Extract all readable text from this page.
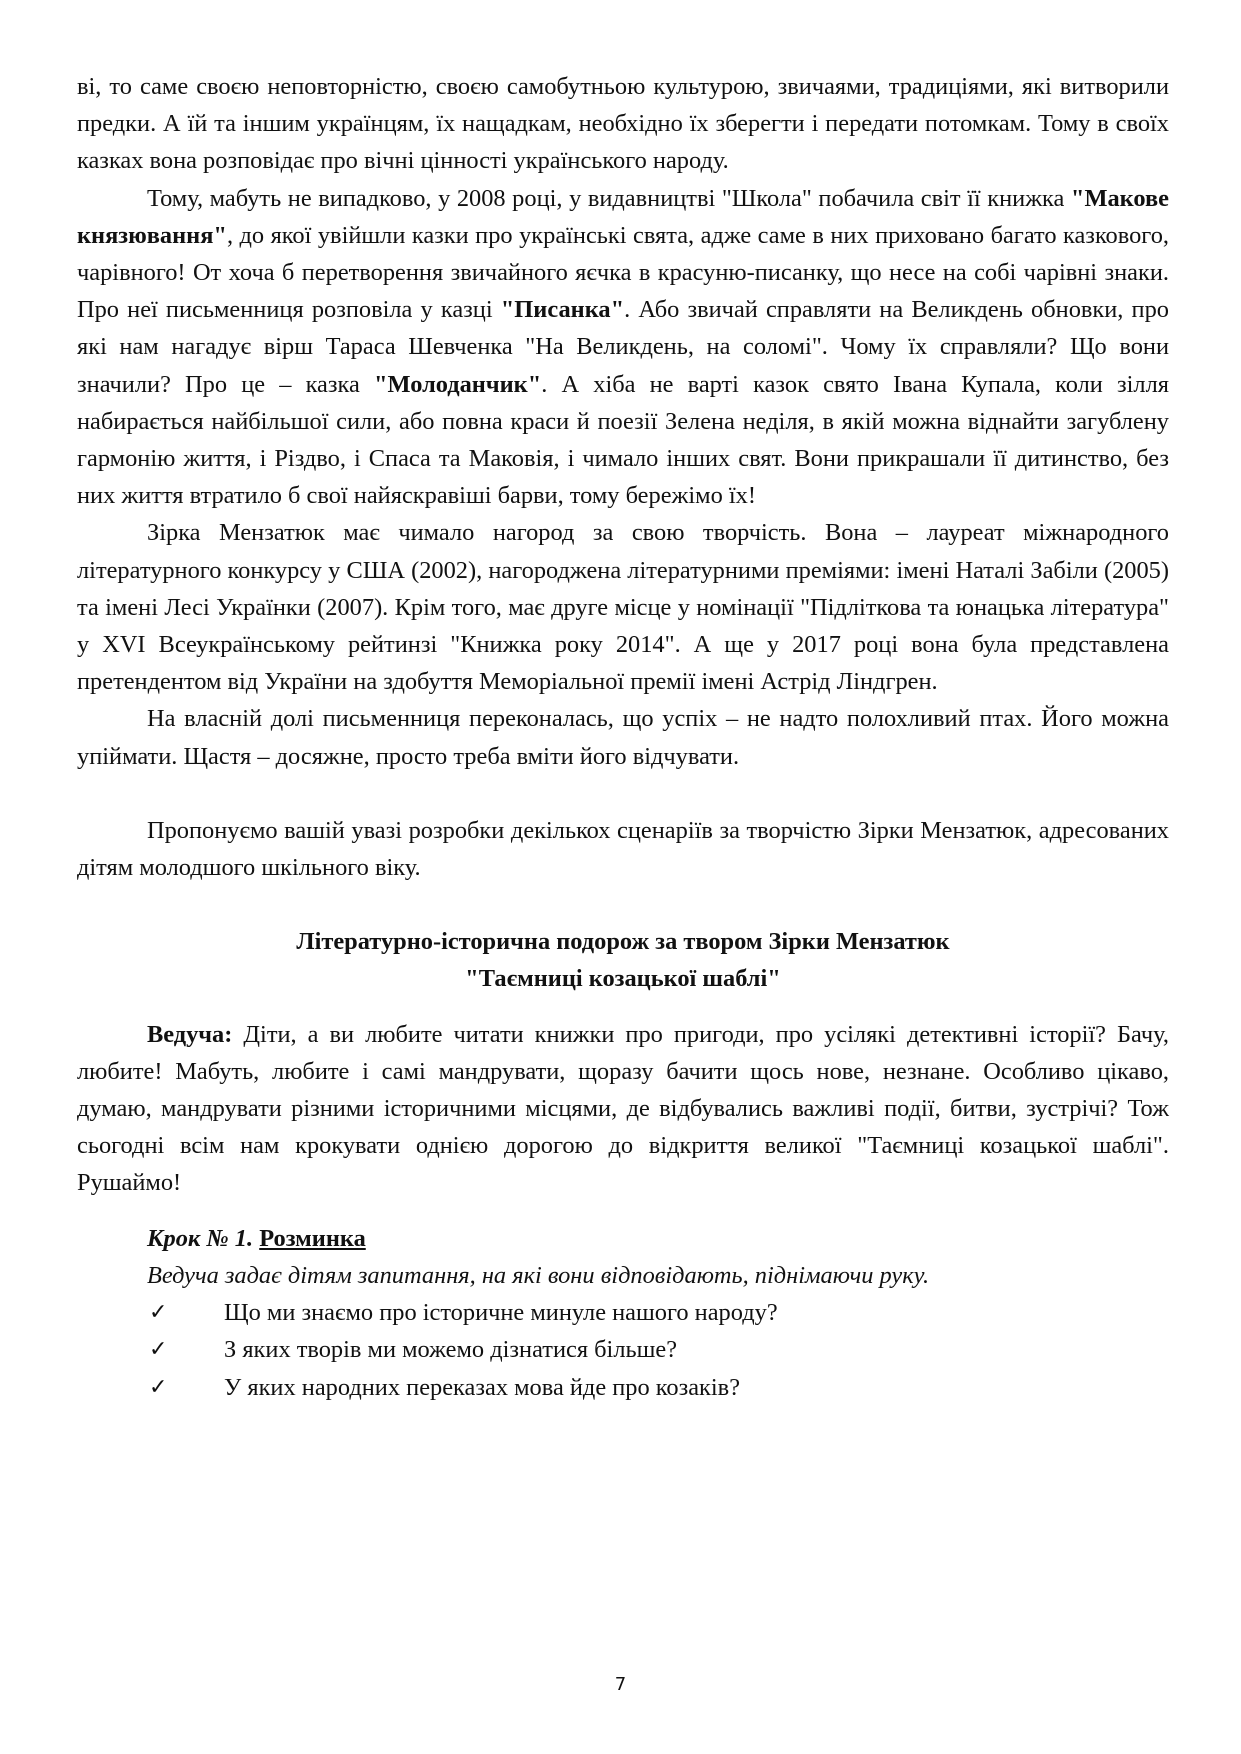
ві, то саме своєю неповторністю, своєю самобутньою культурою, звичаями, традиціями, які витворили предки. А їй та іншим українцям, їх нащадкам, необхідно їх зберегти і передати потомкам. Тому в своїх казках вона розповідає про вічні цінності українського народу.

Тому, мабуть не випадково, у 2008 році, у видавництві "Школа" побачила світ її книжка "Макове князювання", до якої увійшли казки про українські свята, адже саме в них приховано багато казкового, чарівного! От хоча б перетворення звичайного яєчка в красуню-писанку, що несе на собі чарівні знаки. Про неї письменниця розповіла у казці "Писанка". Або звичай справляти на Великдень обновки, про які нам нагадує вірш Тараса Шевченка "На Великдень, на соломі". Чому їх справляли? Що вони значили? Про це – казка "Молоданчик". А хіба не варті казок свято Івана Купала, коли зілля набирається найбільшої сили, або повна краси й поезії Зелена неділя, в якій можна віднайти загублену гармонію життя, і Різдво, і Спаса та Маковія, і чимало інших свят. Вони прикрашали її дитинство, без них життя втратило б свої найяскравіші барви, тому бережімо їх!

Зірка Мензатюк має чимало нагород за свою творчість. Вона – лауреат міжнародного літературного конкурсу у США (2002), нагороджена літературними преміями: імені Наталі Забіли (2005) та імені Лесі Українки (2007). Крім того, має друге місце у номінації "Підліткова та юнацька література" у XVI Всеукраїнському рейтинзі "Книжка року 2014". А ще у 2017 році вона була представлена претендентом від України на здобуття Меморіальної премії імені Астрід Ліндгрен.

На власній долі письменниця переконалась, що успіх – не надто полохливий птах. Його можна упіймати. Щастя – досяжне, просто треба вміти його відчувати.

Пропонуємо вашій увазі розробки декількох сценаріїв за творчістю Зірки Мензатюк, адресованих дітям молодшого шкільного віку.

Літературно-історична подорож за твором Зірки Мензатюк

"Таємниці козацької шаблі"

Ведуча: Діти, а ви любите читати книжки про пригоди, про усілякі детективні історії? Бачу, любите! Мабуть, любите і самі мандрувати, щоразу бачити щось нове, незнане. Особливо цікаво, думаю, мандрувати різними історичними місцями, де відбувались важливі події, битви, зустрічі? Тож сьогодні всім нам крокувати однією дорогою до відкриття великої "Таємниці козацької шаблі". Рушаймо!

Крок № 1. Розминка

Ведуча задає дітям запитання, на які вони відповідають, піднімаючи руку.

✓ Що ми знаємо про історичне минуле нашого народу?
✓ З яких творів ми можемо дізнатися більше?
✓ У яких народних переказах мова йде про козаків?
7
